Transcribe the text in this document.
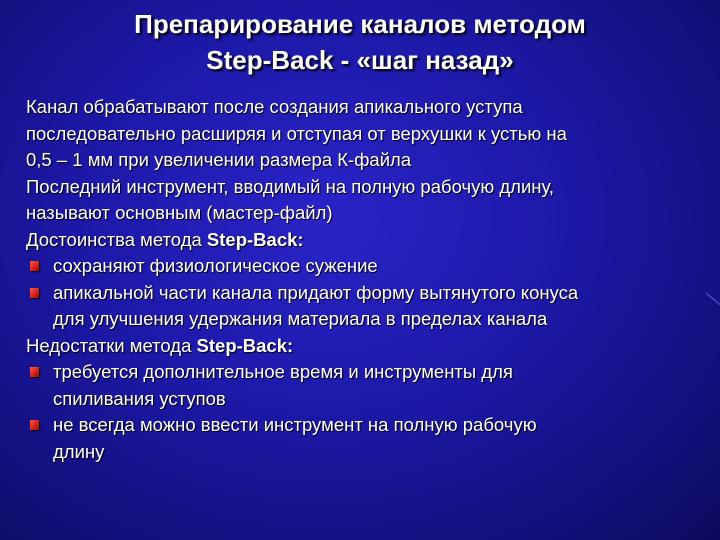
Препарирование каналов методом
Step-Back - «шаг назад»
Канал обрабатывают после создания апикального уступа
последовательно расширяя и отступая от верхушки к устью на
0,5 – 1 мм при увеличении размера К-файла
Последний инструмент, вводимый на полную рабочую длину,
называют основным (мастер-файл)
Достоинства метода Step-Back:
сохраняют физиологическое сужение
апикальной части канала придают форму вытянутого конуса
для улучшения удержания материала в пределах канала
Недостатки метода Step-Back:
требуется дополнительное время и инструменты для
спиливания уступов
не всегда можно ввести инструмент на полную рабочую
длину
